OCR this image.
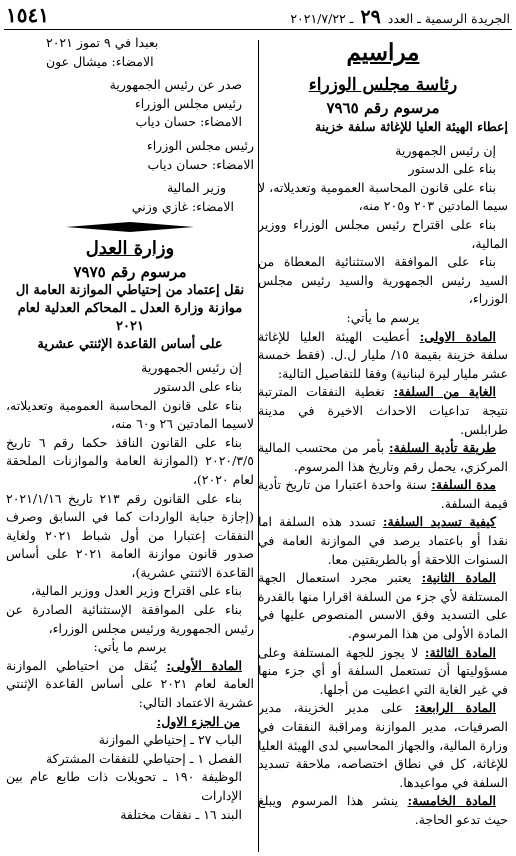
الجريدة الرسمية ـ العدد ٢٩ ـ ٢٠٢١/٧/٢٢
١٥٤١
مراسيم
رئاسة مجلس الوزراء
مرسوم رقم ٧٩٦٥
إعطاء الهيئة العليا للإغاثة سلفة خزينة

إن رئيس الجمهورية

بناء على الدستور

بناء على قانون المحاسبة العمومية وتعديلاته، لا سيما المادتين ٢٠٣ و٢٠٥ منه،

بناء على اقتراح رئيس مجلس الوزراء ووزير المالية،

بناء على الموافقة الاستثنائية المعطاة من السيد رئيس الجمهورية والسيد رئيس مجلس الوزراء،

يرسم ما يأتي:

المادة الاولى: أعطيت الهيئة العليا للإغاثة سلفة خزينة بقيمة ١٥/ مليار ل.ل. (فقط خمسة عشر مليار ليرة لبنانية) وفقا للتفاصيل التالية:

الغاية من السلفة: تغطية النفقات المترتبة نتيجة تداعيات الاحداث الاخيرة في مدينة طرابلس.

طريقة تأدية السلفة: بأمر من محتسب المالية المركزي، يحمل رقم وتاريخ هذا المرسوم.

مدة السلفة: سنة واحدة اعتبارا من تاريخ تأدية قيمة السلفة.

كيفية تسديد السلفة: تسدد هذه السلفة اما نقدا أو باعتماد يرصد في الموازنة العامة في السنوات اللاحقة أو بالطريقتين معا.

المادة الثانية: يعتبر مجرد استعمال الجهة المستلفة لأي جزء من السلفة اقرارا منها بالقدرة على التسديد وفق الاسس المنصوص عليها في المادة الأولى من هذا المرسوم.

المادة الثالثة: لا يجوز للجهة المستلفة وعلى مسؤوليتها أن تستعمل السلفة أو أي جزء منها في غير الغاية التي اعطيت من أجلها.

المادة الرابعة: على مدير الخزينة، مدير الصرفيات، مدير الموازنة ومراقبة النفقات في وزارة المالية، والجهاز المحاسبي لدى الهيئة العليا للإغاثة، كل في نطاق اختصاصه، ملاحقة تسديد السلفة في مواعيدها.

المادة الخامسة: ينشر هذا المرسوم ويبلغ حيث تدعو الحاجة.

بعبدا في ٩ تموز ٢٠٢١

الامضاء: ميشال عون

صدر عن رئيس الجمهورية

رئيس مجلس الوزراء

الامضاء: حسان دياب

رئيس مجلس الوزراء

الامضاء: حسان دياب

وزير المالية

الامضاء: غازي وزني

وزارة العدل
مرسوم رقم ٧٩٧٥
نقل إعتماد من إحتياطي الموازنة العامة ال
موازنة وزارة العدل ـ المحاكم العدلية لعام ٢٠٢١
على أساس القاعدة الإثنتي عشرية

إن رئيس الجمهورية

بناء على الدستور

بناء على قانون المحاسبة العمومية وتعديلاته، لاسيما المادتين ٢٦ و٦٠ منه،

بناء على القانون النافذ حكما رقم ٦ تاريخ ٢٠٢٠/٣/٥ (الموازنة العامة والموازنات الملحقة لعام ٢٠٢٠)،

بناء على القانون رقم ٢١٣ تاريخ ٢٠٢١/١/١٦ (إجازة جباية الواردات كما في السابق وصرف النفقات إعتبارا من أول شباط ٢٠٢١ ولغاية صدور قانون موازنة العامة ٢٠٢١ على أساس القاعدة الاثنتي عشرية)،

بناء على اقتراح وزير العدل ووزير المالية،

بناء على الموافقة الإستثنائية الصادرة عن رئيس الجمهورية ورئيس مجلس الوزراء،

يرسم ما يأتي:

المادة الأولى: يُنقل من احتياطي الموازنة العامة لعام ٢٠٢١ على أساس القاعدة الإثنتي عشرية الاعتماد التالي:

من الجزء الاول:

الباب ٢٧ ـ إحتياطي الموازنة
الفصل ١ ـ إحتياطي للنفقات المشتركة
الوظيفة ١٩٠ ـ تحويلات ذات طابع عام بين الإدارات
البند ١٦ ـ نفقات مختلفة
